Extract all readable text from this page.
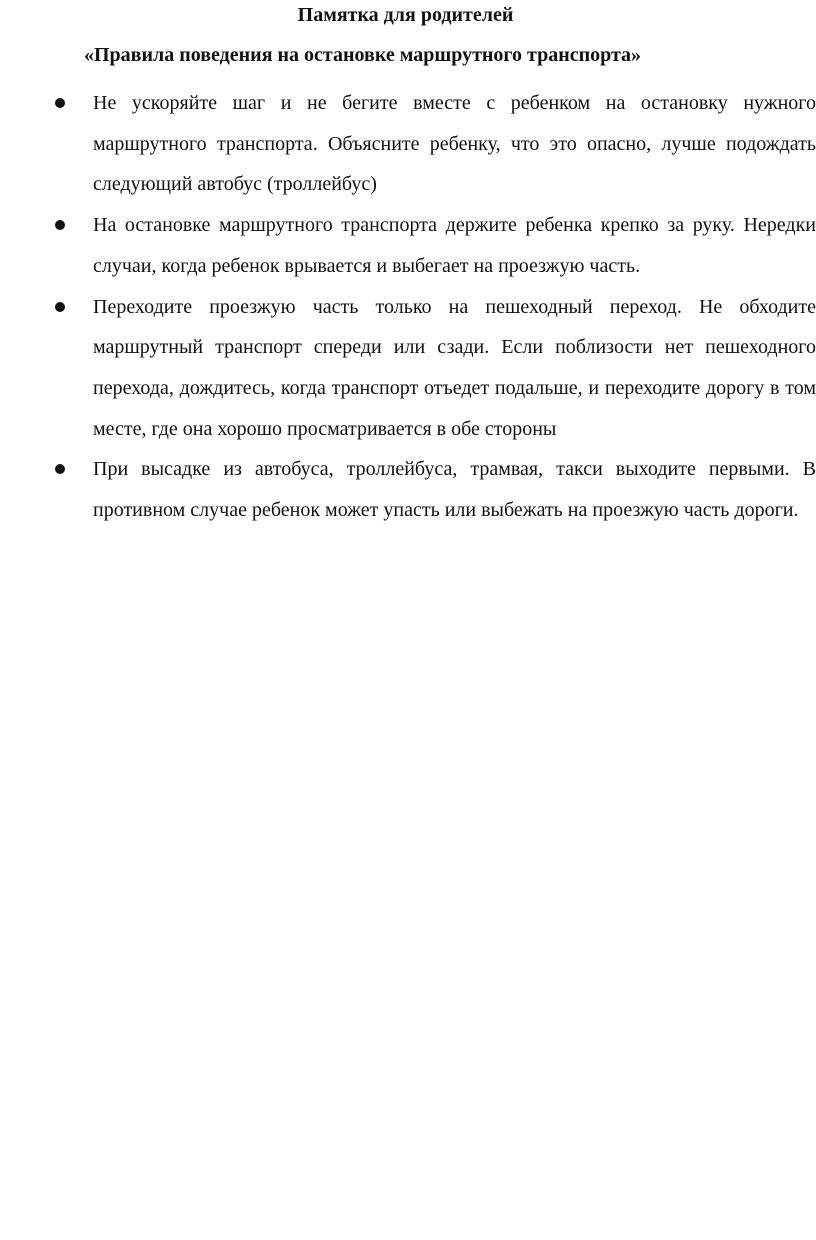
Памятка для родителей
«Правила поведения на остановке маршрутного транспорта»
Не ускоряйте шаг и не бегите вместе с ребенком на остановку нужного маршрутного транспорта. Объясните ребенку, что это опасно, лучше подождать следующий автобус (троллейбус)
На остановке маршрутного транспорта держите ребенка крепко за руку. Нередки случаи, когда ребенок врывается и выбегает на проезжую часть.
Переходите проезжую часть только на пешеходный переход. Не обходите маршрутный транспорт спереди или сзади. Если поблизости нет пешеходного перехода, дождитесь, когда транспорт отъедет подальше, и переходите дорогу в том месте, где она хорошо просматривается в обе стороны
При высадке из автобуса, троллейбуса, трамвая, такси выходите первыми. В противном случае ребенок может упасть или выбежать на проезжую часть дороги.
